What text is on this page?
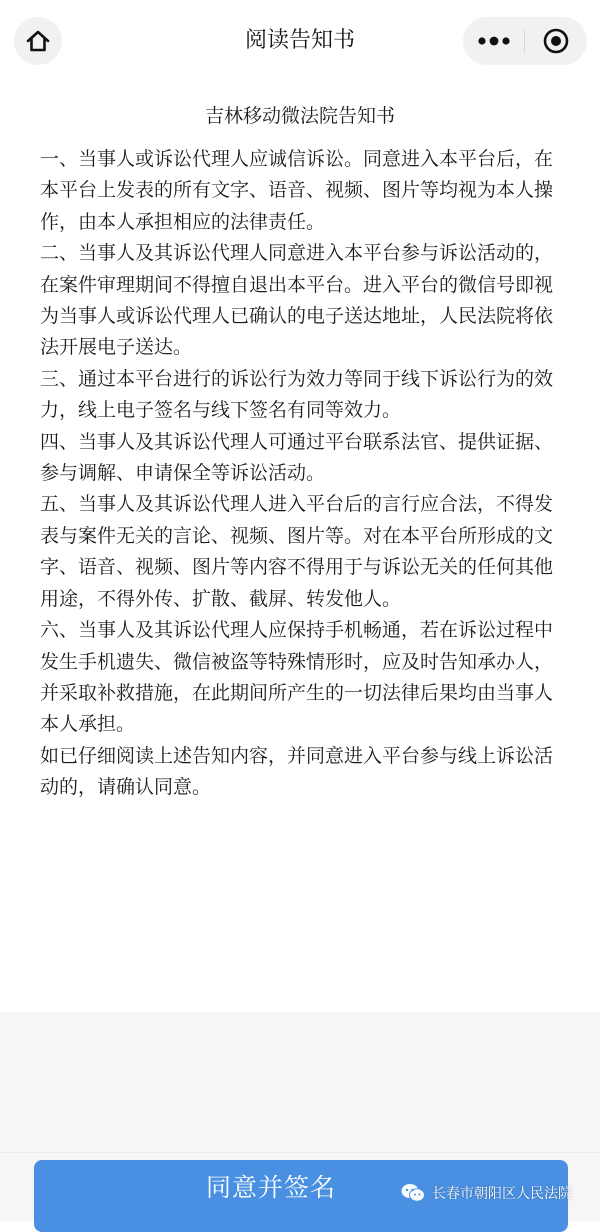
阅读告知书
吉林移动微法院告知书

一、当事人或诉讼代理人应诚信诉讼。同意进入本平台后，在本平台上发表的所有文字、语音、视频、图片等均视为本人操作，由本人承担相应的法律责任。

二、当事人及其诉讼代理人同意进入本平台参与诉讼活动的，在案件审理期间不得擅自退出本平台。进入平台的微信号即视为当事人或诉讼代理人已确认的电子送达地址，人民法院将依法开展电子送达。

三、通过本平台进行的诉讼行为效力等同于线下诉讼行为的效力，线上电子签名与线下签名有同等效力。

四、当事人及其诉讼代理人可通过平台联系法官、提供证据、参与调解、申请保全等诉讼活动。

五、当事人及其诉讼代理人进入平台后的言行应合法，不得发表与案件无关的言论、视频、图片等。对在本平台所形成的文字、语音、视频、图片等内容不得用于与诉讼无关的任何其他用途，不得外传、扩散、截屏、转发他人。

六、当事人及其诉讼代理人应保持手机畅通，若在诉讼过程中发生手机遗失、微信被盗等特殊情形时，应及时告知承办人，并采取补救措施，在此期间所产生的一切法律后果均由当事人本人承担。

如已仔细阅读上述告知内容，并同意进入平台参与线上诉讼活动的，请确认同意。

同意并签名	长春市朝阳区人民法院
